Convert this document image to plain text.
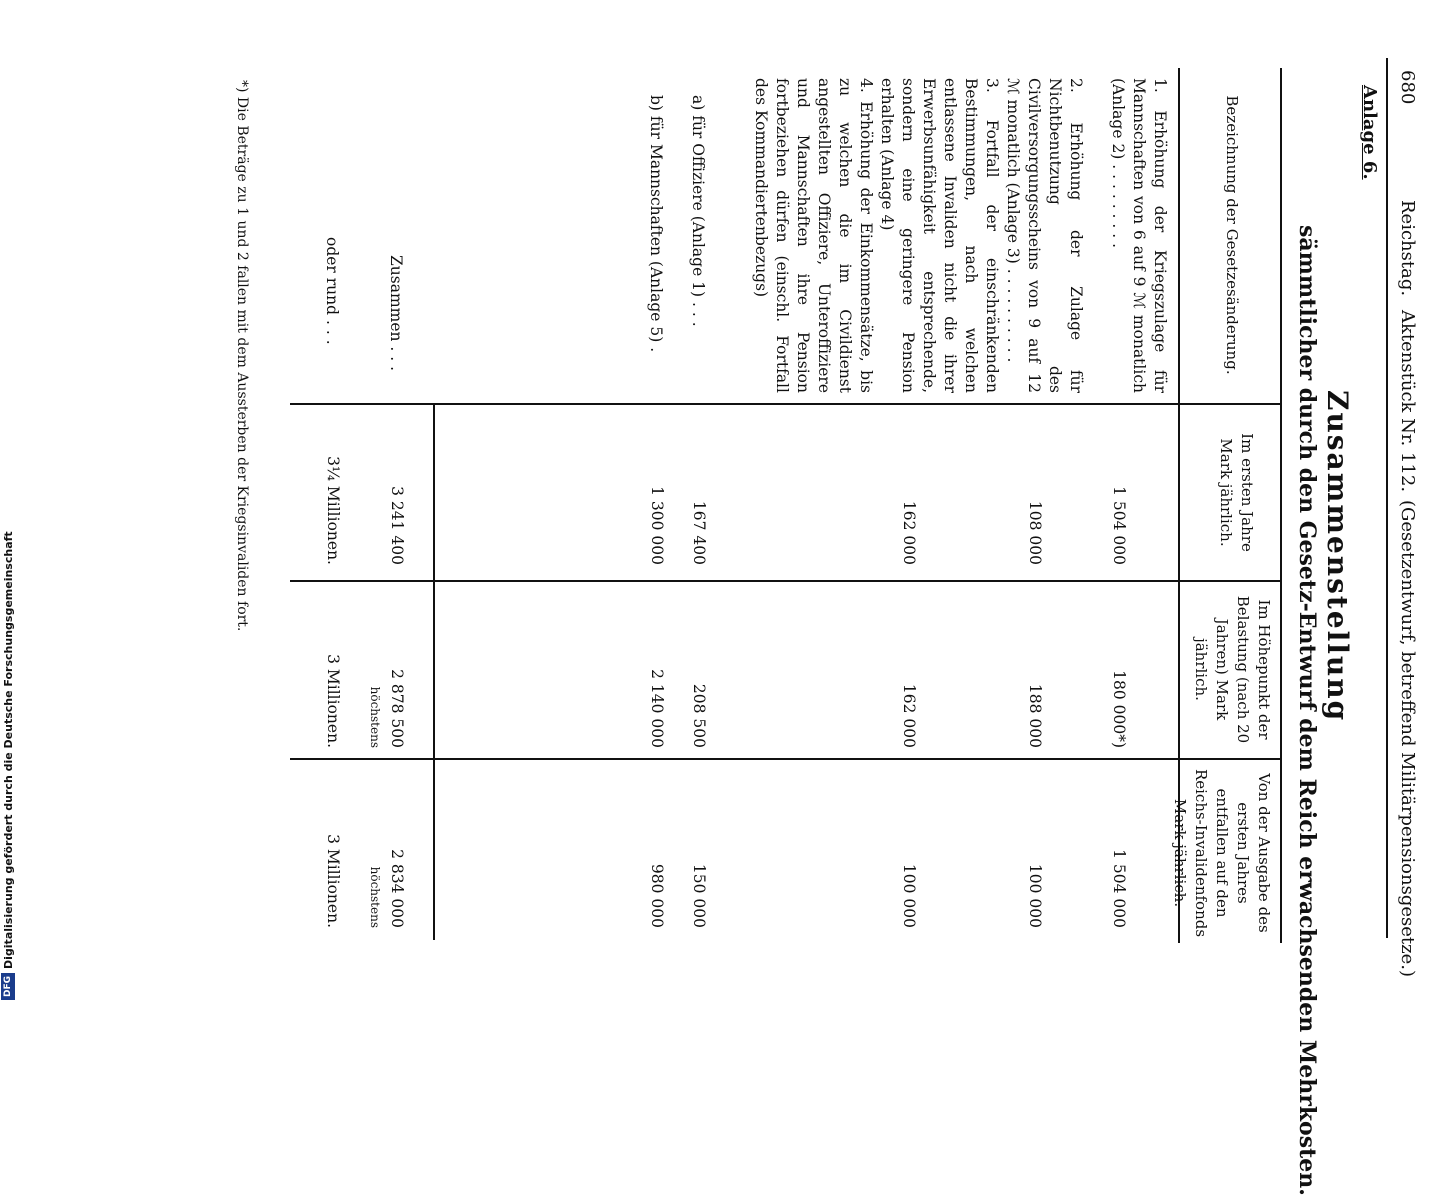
680
Reichstag.
Aktenstück Nr. 112.
(Gesetzentwurf, betreffend Militärpensionsgesetze.)
Anlage 6.
Zusammenstellung
sämmtlicher durch den Gesetz-Entwurf dem Reich erwachsenden Mehrkosten.
Bezeichnung der Gesetzesänderung.
Im ersten Jahre Mark jährlich.
Im Höhepunkt der Belastung (nach 20 Jahren) Mark jährlich.
Von der Ausgabe des ersten Jahres entfallen auf den Reichs-Invalidenfonds Mark jährlich.
1. Erhöhung der Kriegszulage für Mannschaften von 6 auf 9 ℳ monatlich (Anlage 2) . . . . . . . . .
1 504 000
180 000*)
1 504 000
2. Erhöhung der Zulage für Nichtbenutzung des Civilversorgungsscheins von 9 auf 12 ℳ monatlich (Anlage 3) . . . . . . . . . .
108 000
188 000
100 000
3. Fortfall der einschränkenden Bestimmungen, nach welchen entlassene Invaliden nicht die ihrer Erwerbsunfähigkeit entsprechende, sondern eine geringere Pension erhalten (Anlage 4)
162 000
162 000
100 000
4. Erhöhung der Einkommensätze, bis zu welchen die im Civildienst angestellten Offiziere, Unteroffiziere und Mannschaften ihre Pension fortbeziehen dürfen (einschl. Fortfall des Kommandiertenbezugs)
a) für Offiziere (Anlage 1) . . .
167 400
208 500
150 000
b) für Mannschaften (Anlage 5) .
1 300 000
2 140 000
980 000
Zusammen . . .
3 241 400
2 878 500
höchstens
2 834 000
höchstens
oder rund . . .
3¼ Millionen.
3 Millionen.
3 Millionen.
*) Die Beträge zu 1 und 2 fallen mit dem Aussterben der Kriegsinvaliden fort.
DFG
Digitalisierung gefördert durch die Deutsche Forschungsgemeinschaft
